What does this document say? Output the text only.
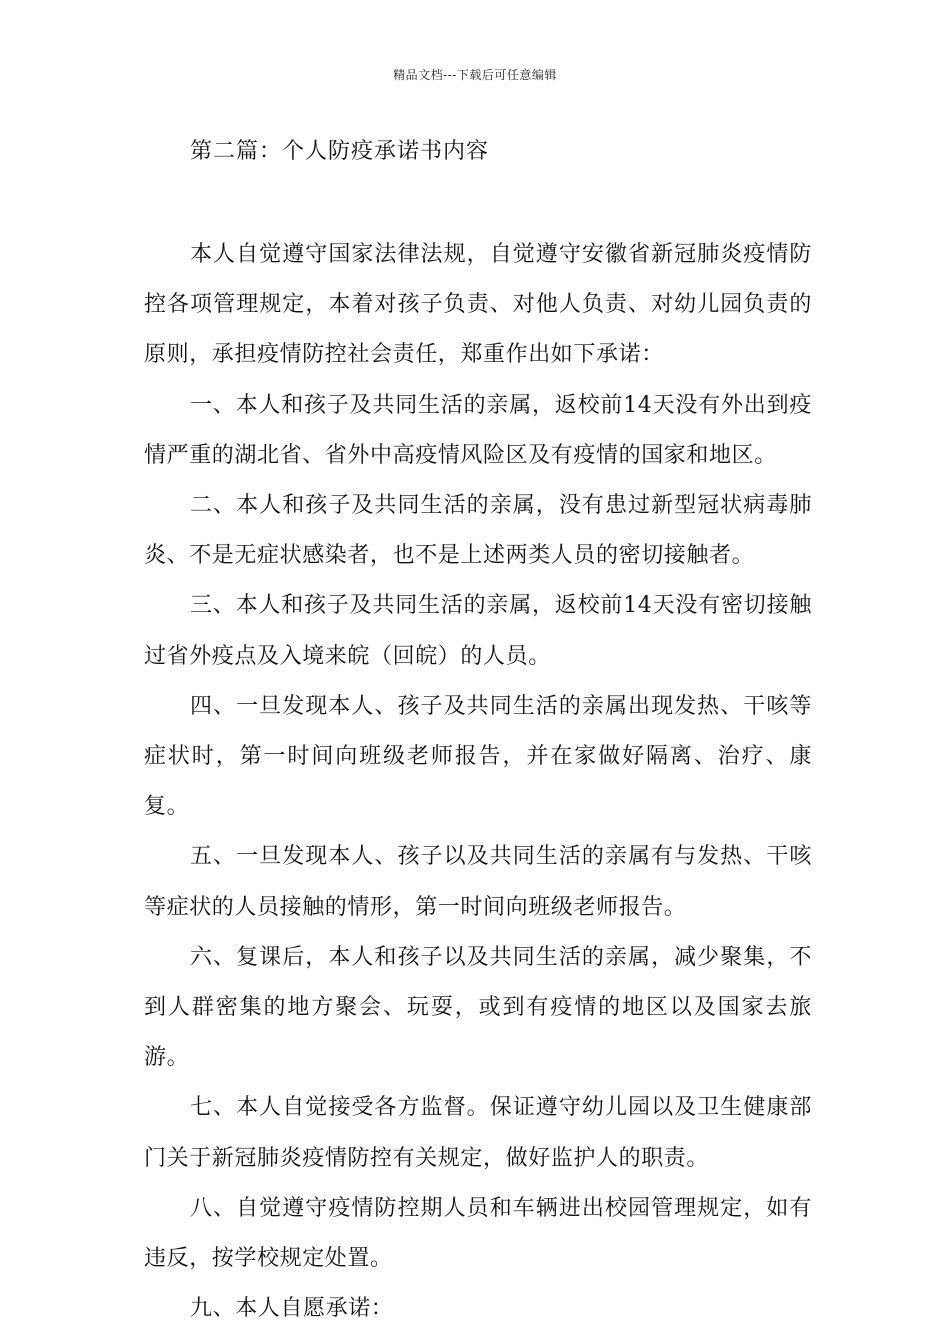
精品文档---下载后可任意编辑
第二篇：个人防疫承诺书内容

本人自觉遵守国家法律法规，自觉遵守安徽省新冠肺炎疫情防控各项管理规定，本着对孩子负责、对他人负责、对幼儿园负责的原则，承担疫情防控社会责任，郑重作出如下承诺：

一、本人和孩子及共同生活的亲属，返校前14天没有外出到疫情严重的湖北省、省外中高疫情风险区及有疫情的国家和地区。

二、本人和孩子及共同生活的亲属，没有患过新型冠状病毒肺炎、不是无症状感染者，也不是上述两类人员的密切接触者。

三、本人和孩子及共同生活的亲属，返校前14天没有密切接触过省外疫点及入境来皖（回皖）的人员。

四、一旦发现本人、孩子及共同生活的亲属出现发热、干咳等症状时，第一时间向班级老师报告，并在家做好隔离、治疗、康复。

五、一旦发现本人、孩子以及共同生活的亲属有与发热、干咳等症状的人员接触的情形，第一时间向班级老师报告。

六、复课后，本人和孩子以及共同生活的亲属，减少聚集，不到人群密集的地方聚会、玩耍，或到有疫情的地区以及国家去旅游。

七、本人自觉接受各方监督。保证遵守幼儿园以及卫生健康部门关于新冠肺炎疫情防控有关规定，做好监护人的职责。

八、自觉遵守疫情防控期人员和车辆进出校园管理规定，如有违反，按学校规定处置。

九、本人自愿承诺：
